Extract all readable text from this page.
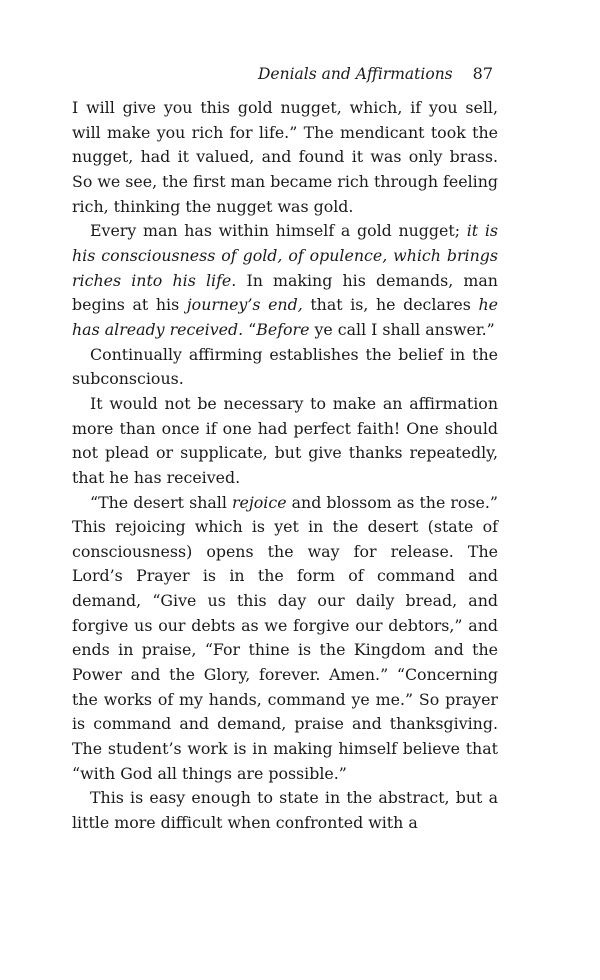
Denials and Affirmations 87

I will give you this gold nugget, which, if you sell, will make you rich for life.” The mendicant took the nugget, had it valued, and found it was only brass. So we see, the first man became rich through feeling rich, thinking the nugget was gold.

Every man has within himself a gold nugget; it is his consciousness of gold, of opulence, which brings riches into his life. In making his demands, man begins at his journey’s end, that is, he declares he has already received. “Before ye call I shall answer.”

Continually affirming establishes the belief in the subconscious.

It would not be necessary to make an affirmation more than once if one had perfect faith! One should not plead or supplicate, but give thanks repeatedly, that he has received.

“The desert shall rejoice and blossom as the rose.” This rejoicing which is yet in the desert (state of consciousness) opens the way for release. The Lord’s Prayer is in the form of command and demand, “Give us this day our daily bread, and forgive us our debts as we forgive our debtors,” and ends in praise, “For thine is the Kingdom and the Power and the Glory, forever. Amen.” “Concerning the works of my hands, command ye me.” So prayer is command and demand, praise and thanksgiving. The student’s work is in making himself believe that “with God all things are possible.”

This is easy enough to state in the abstract, but a little more difficult when confronted with a
